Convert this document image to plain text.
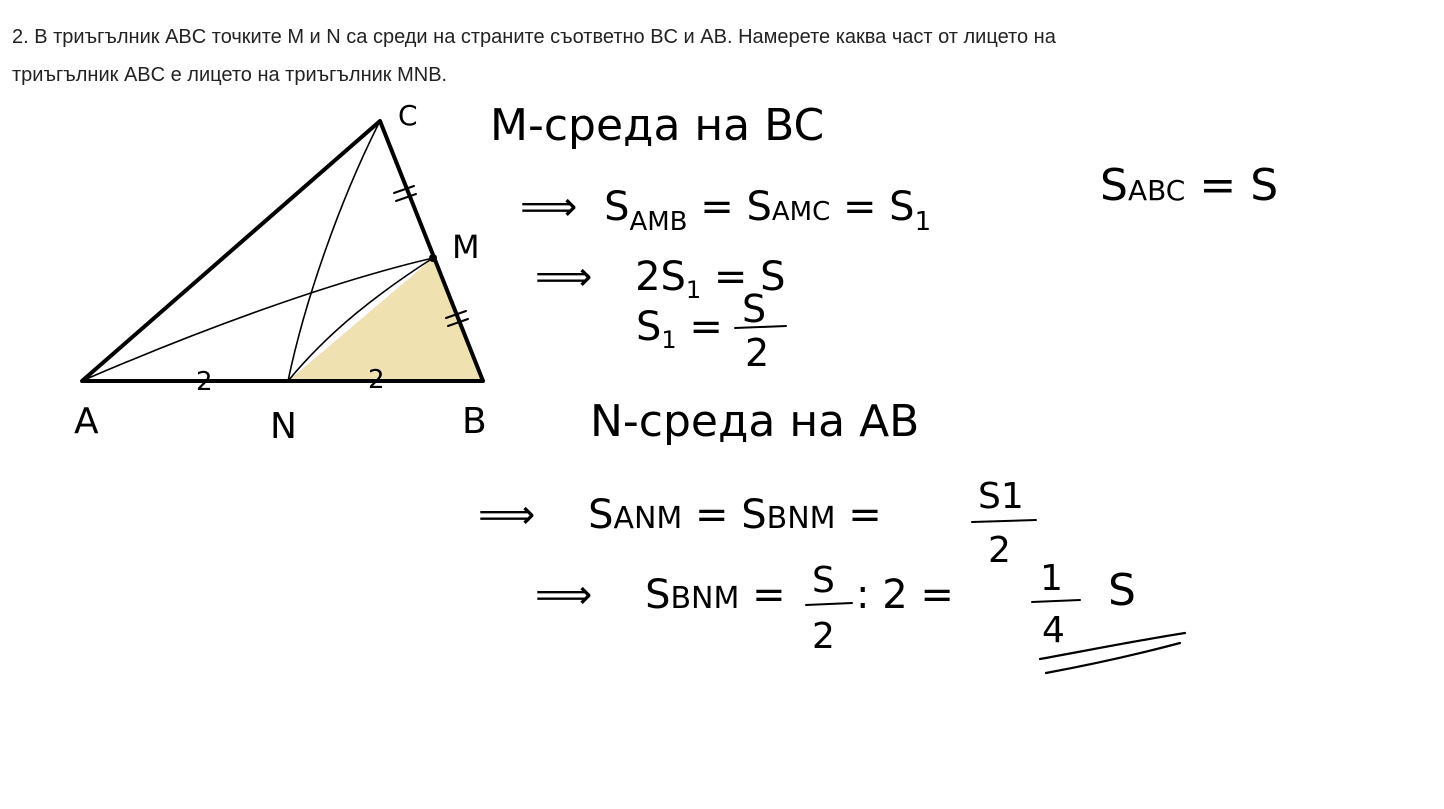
2. В триъгълник ABC точките M и N са среди на страните съответно BC и AB. Намерете каква част от лицето на
триъгълник ABC е лицето на триъгълник MNB.
A	B
C
M
N
2	2
M-среда на BC
⟹ $S_{AMB}$ = SAMC = $S_1$
SABC = S
⟹ $2S_1 = S$
$S_1 = S$
2
N-среда на AB
⟹ SANM = SBNM =	S1
2
⟹ SBNM = S
2
: 2 = 1
4
S
